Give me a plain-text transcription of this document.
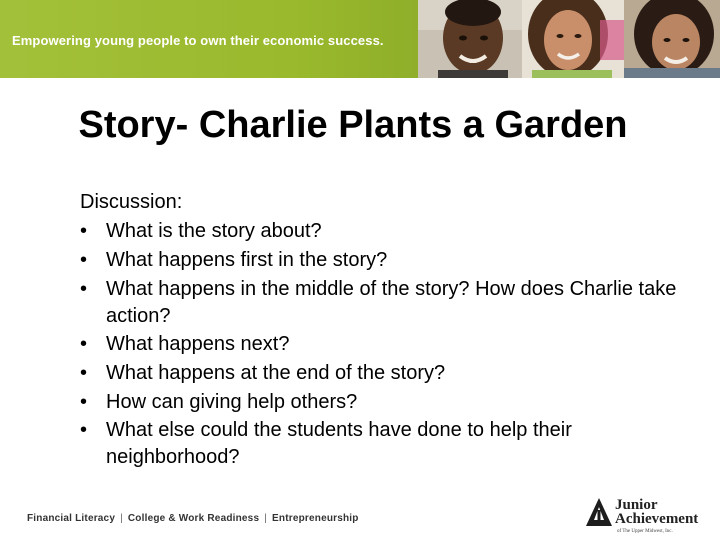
Empowering young people to own their economic success.
Story- Charlie Plants a Garden
Discussion:
• What is the story about?
• What happens first in the story?
• What happens in the middle of the story? How does Charlie take action?
• What happens next?
• What happens at the end of the story?
• How can giving help others?
• What else could the students have done to help their neighborhood?
Financial Literacy | College & Work Readiness | Entrepreneurship
Junior
Achievement
of The Upper Midwest, Inc.
